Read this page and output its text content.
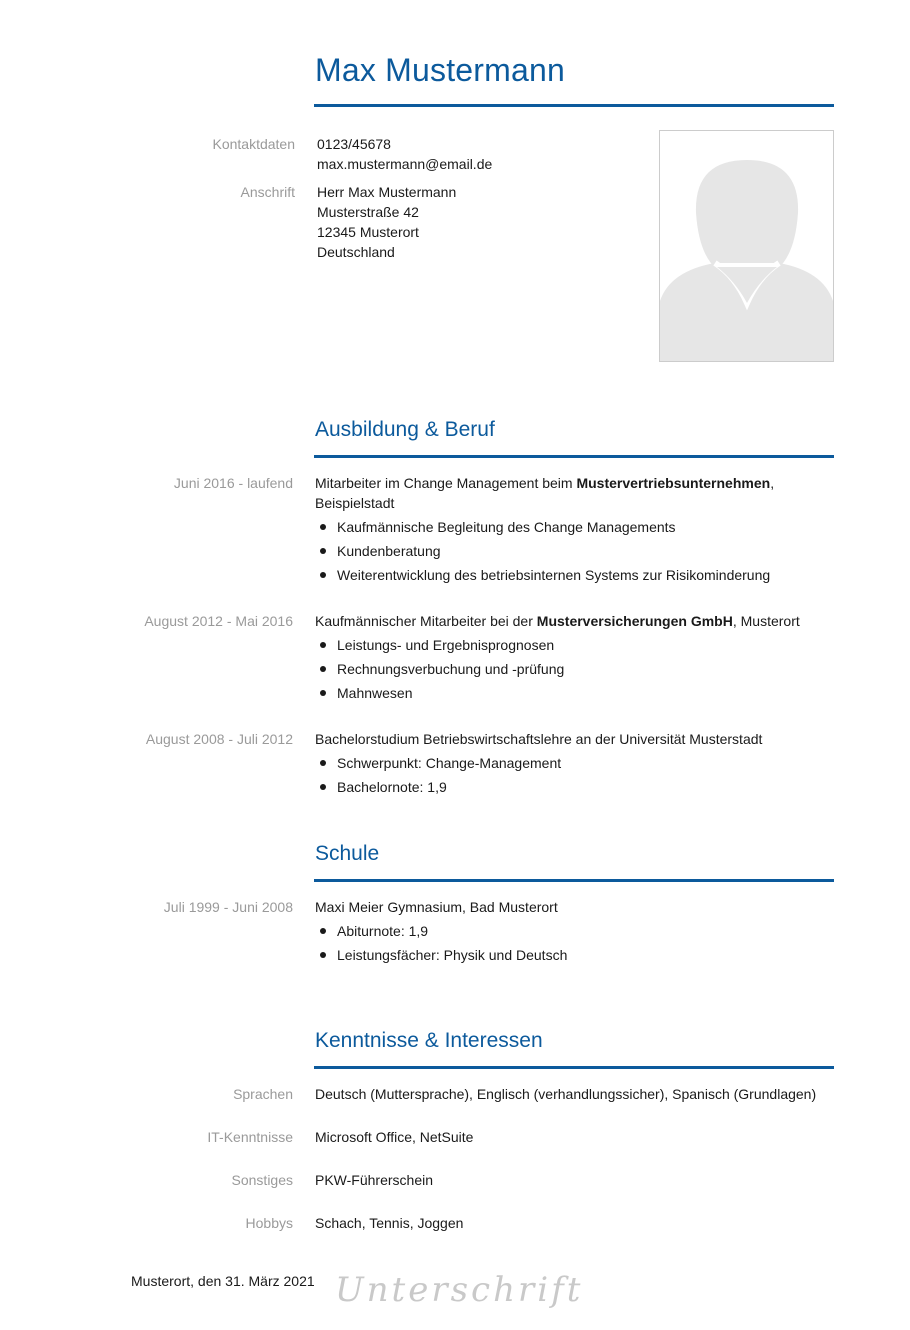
Max Mustermann
Kontaktdaten 0123/45678
max.mustermann@email.de
Anschrift Herr Max Mustermann
Musterstraße 42
12345 Musterort
Deutschland
Ausbildung & Beruf
Juni 2016 - laufend Mitarbeiter im Change Management beim Mustervertriebsunternehmen,
Beispielstadt
Kaufmännische Begleitung des Change Managements
Kundenberatung
Weiterentwicklung des betriebsinternen Systems zur Risikominderung
August 2012 - Mai 2016 Kaufmännischer Mitarbeiter bei der Musterversicherungen GmbH, Musterort
Leistungs- und Ergebnisprognosen
Rechnungsverbuchung und -prüfung
Mahnwesen
August 2008 - Juli 2012 Bachelorstudium Betriebswirtschaftslehre an der Universität Musterstadt
Schwerpunkt: Change-Management
Bachelornote: 1,9
Schule
Juli 1999 - Juni 2008 Maxi Meier Gymnasium, Bad Musterort
Abiturnote: 1,9
Leistungsfächer: Physik und Deutsch
Kenntnisse & Interessen
Sprachen Deutsch (Muttersprache), Englisch (verhandlungssicher), Spanisch (Grundlagen)
IT-Kenntnisse Microsoft Office, NetSuite
Sonstiges PKW-Führerschein
Hobbys Schach, Tennis, Joggen
Musterort, den 31. März 2021 Unterschrift
